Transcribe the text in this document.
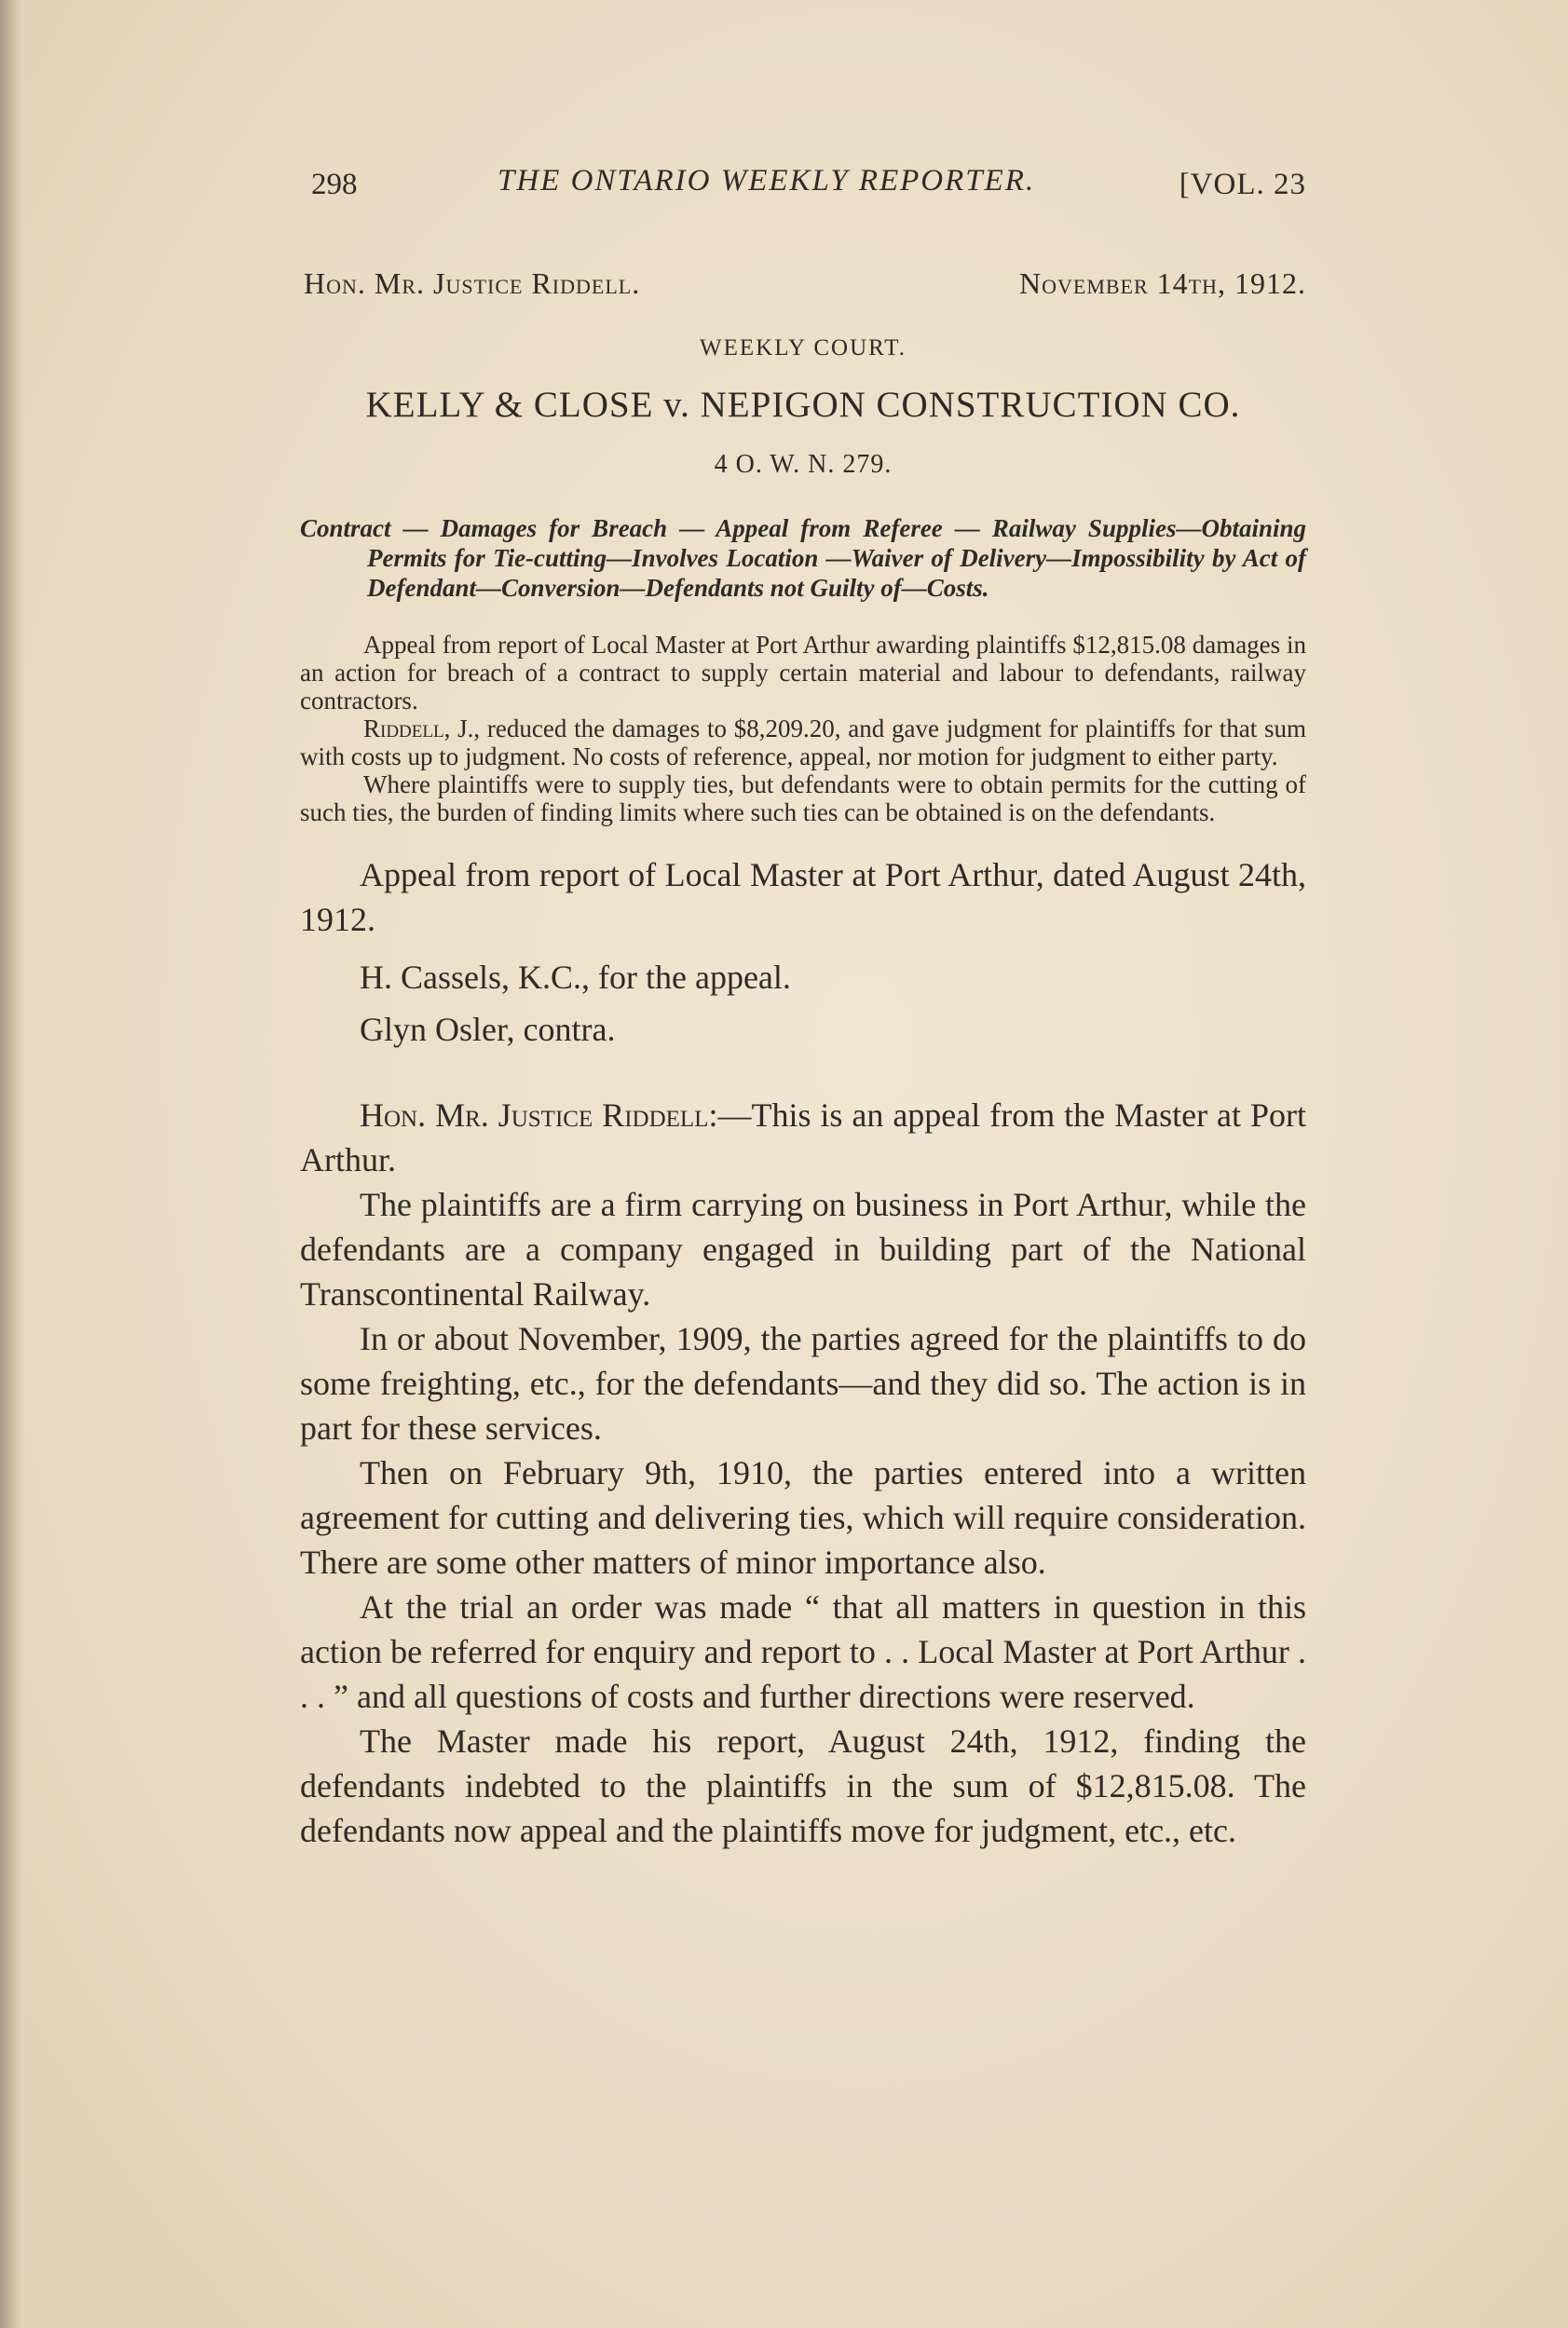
298	THE ONTARIO WEEKLY REPORTER.	[VOL. 23
Hon. Mr. Justice Riddell.	November 14th, 1912.
WEEKLY COURT.
KELLY & CLOSE v. NEPIGON CONSTRUCTION CO.
4 O. W. N. 279.
Contract — Damages for Breach — Appeal from Referee — Railway Supplies—Obtaining Permits for Tie-cutting—Involves Location —Waiver of Delivery—Impossibility by Act of Defendant—Conversion—Defendants not Guilty of—Costs.

Appeal from report of Local Master at Port Arthur awarding plaintiffs $12,815.08 damages in an action for breach of a contract to supply certain material and labour to defendants, railway contractors.

Riddell, J., reduced the damages to $8,209.20, and gave judgment for plaintiffs for that sum with costs up to judgment. No costs of reference, appeal, nor motion for judgment to either party.

Where plaintiffs were to supply ties, but defendants were to obtain permits for the cutting of such ties, the burden of finding limits where such ties can be obtained is on the defendants.

Appeal from report of Local Master at Port Arthur, dated August 24th, 1912.

H. Cassels, K.C., for the appeal.

Glyn Osler, contra.

Hon. Mr. Justice Riddell:—This is an appeal from the Master at Port Arthur.

The plaintiffs are a firm carrying on business in Port Arthur, while the defendants are a company engaged in building part of the National Transcontinental Railway.

In or about November, 1909, the parties agreed for the plaintiffs to do some freighting, etc., for the defendants—and they did so. The action is in part for these services.

Then on February 9th, 1910, the parties entered into a written agreement for cutting and delivering ties, which will require consideration. There are some other matters of minor importance also.

At the trial an order was made “ that all matters in question in this action be referred for enquiry and report to . . Local Master at Port Arthur . . . ” and all questions of costs and further directions were reserved.

The Master made his report, August 24th, 1912, finding the defendants indebted to the plaintiffs in the sum of $12,815.08. The defendants now appeal and the plaintiffs move for judgment, etc., etc.
